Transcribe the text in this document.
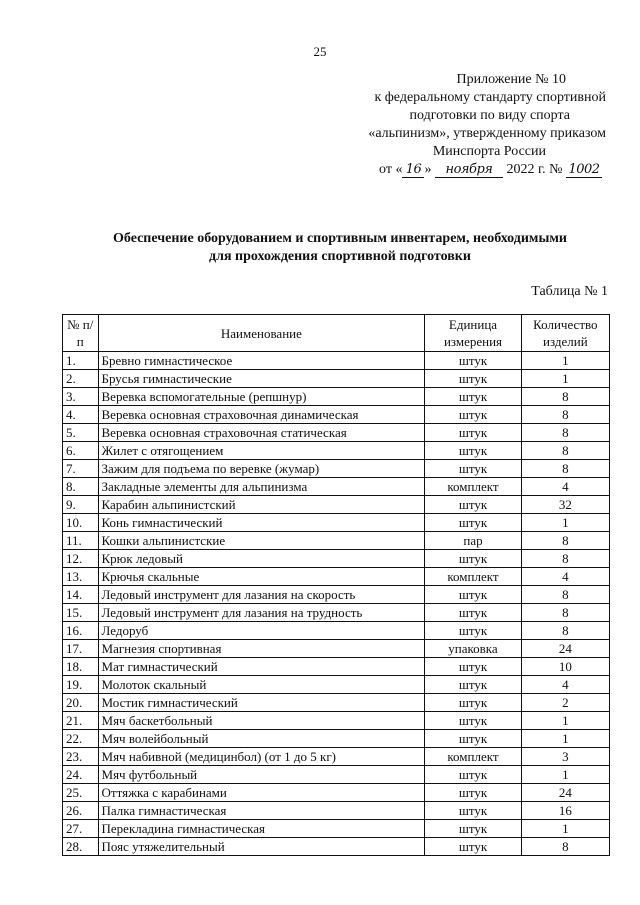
25
Приложение № 10
к федеральному стандарту спортивной
подготовки по виду спорта
«альпинизм», утвержденному приказом
Минспорта России
от « 16 » ноября 2022 г. № 1002
Обеспечение оборудованием и спортивным инвентарем, необходимыми
для прохождения спортивной подготовки
Таблица № 1
№ п/п	Наименование	Единица измерения	Количество изделий
1.	Бревно гимнастическое	штук	1
2.	Брусья гимнастические	штук	1
3.	Веревка вспомогательные (репшнур)	штук	8
4.	Веревка основная страховочная динамическая	штук	8
5.	Веревка основная страховочная статическая	штук	8
6.	Жилет с отягощением	штук	8
7.	Зажим для подъема по веревке (жумар)	штук	8
8.	Закладные элементы для альпинизма	комплект	4
9.	Карабин альпинистский	штук	32
10.	Конь гимнастический	штук	1
11.	Кошки альпинистские	пар	8
12.	Крюк ледовый	штук	8
13.	Крючья скальные	комплект	4
14.	Ледовый инструмент для лазания на скорость	штук	8
15.	Ледовый инструмент для лазания на трудность	штук	8
16.	Ледоруб	штук	8
17.	Магнезия спортивная	упаковка	24
18.	Мат гимнастический	штук	10
19.	Молоток скальный	штук	4
20.	Мостик гимнастический	штук	2
21.	Мяч баскетбольный	штук	1
22.	Мяч волейбольный	штук	1
23.	Мяч набивной (медицинбол) (от 1 до 5 кг)	комплект	3
24.	Мяч футбольный	штук	1
25.	Оттяжка с карабинами	штук	24
26.	Палка гимнастическая	штук	16
27.	Перекладина гимнастическая	штук	1
28.	Пояс утяжелительный	штук	8
